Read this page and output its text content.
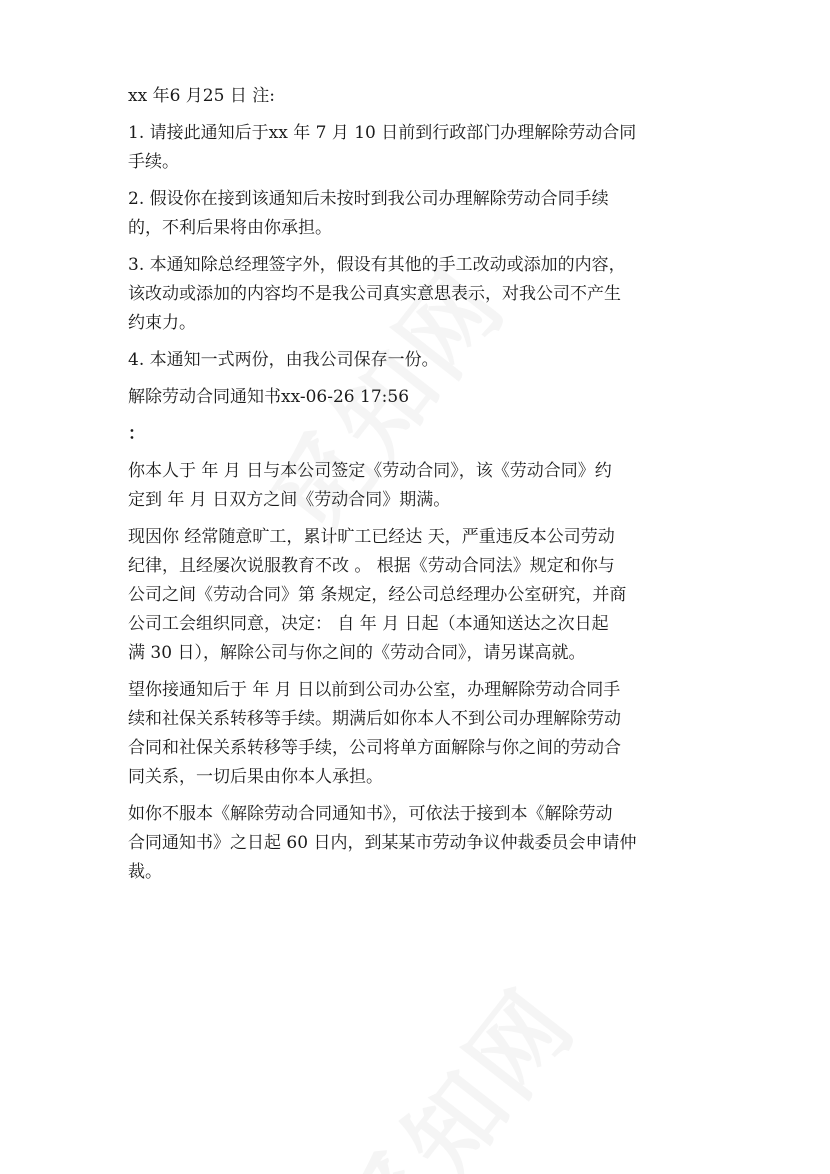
xx 年6 月25 日 注:

1. 请接此通知后于xx 年 7 月 10 日前到行政部门办理解除劳动合同

手续。

2. 假设你在接到该通知后未按时到我公司办理解除劳动合同手续

的，不利后果将由你承担。

3. 本通知除总经理签字外，假设有其他的手工改动或添加的内容，

该改动或添加的内容均不是我公司真实意思表示，对我公司不产生

约束力。

4. 本通知一式两份，由我公司保存一份。

解除劳动合同通知书xx-06-26 17:56

：

你本人于 年 月 日与本公司签定《劳动合同》，该《劳动合同》约

定到 年 月 日双方之间《劳动合同》期满。

现因你 经常随意旷工，累计旷工已经达 天，严重违反本公司劳动

纪律，且经屡次说服教育不改 。 根据《劳动合同法》规定和你与

公司之间《劳动合同》第 条规定，经公司总经理办公室研究，并商

公司工会组织同意，决定： 自 年 月 日起（本通知送达之次日起

满 30 日），解除公司与你之间的《劳动合同》，请另谋高就。

望你接通知后于 年 月 日以前到公司办公室，办理解除劳动合同手

续和社保关系转移等手续。期满后如你本人不到公司办理解除劳动

合同和社保关系转移等手续，公司将单方面解除与你之间的劳动合

同关系，一切后果由你本人承担。

如你不服本《解除劳动合同通知书》，可依法于接到本《解除劳动

合同通知书》之日起 60 日内，到某某市劳动争议仲裁委员会申请仲

裁。
